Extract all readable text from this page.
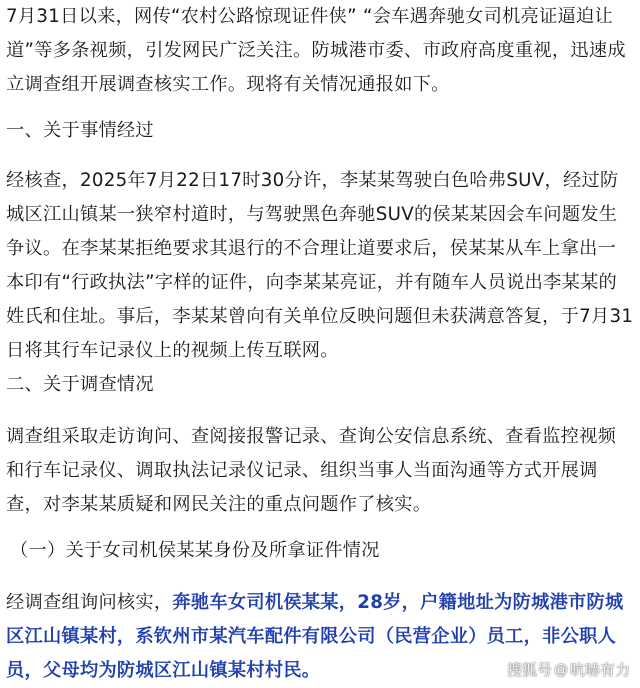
7月31日以来，网传“农村公路惊现证件侠” “会车遇奔驰女司机亮证逼迫让道”等多条视频，引发网民广泛关注。防城港市委、市政府高度重视，迅速成立调查组开展调查核实工作。现将有关情况通报如下。

一、关于事情经过

经核查，2025年7月22日17时30分许，李某某驾驶白色哈弗SUV，经过防城区江山镇某一狭窄村道时，与驾驶黑色奔驰SUV的侯某某因会车问题发生争议。在李某某拒绝要求其退行的不合理让道要求后，侯某某从车上拿出一本印有“行政执法”字样的证件，向李某某亮证，并有随车人员说出李某某的姓氏和住址。事后，李某某曾向有关单位反映问题但未获满意答复，于7月31日将其行车记录仪上的视频上传互联网。

二、关于调查情况

调查组采取走访询问、查阅接报警记录、查询公安信息系统、查看监控视频和行车记录仪、调取执法记录仪记录、组织当事人当面沟通等方式开展调查，对李某某质疑和网民关注的重点问题作了核实。

（一）关于女司机侯某某身份及所拿证件情况

经调查组询问核实，奔驰车女司机侯某某，28岁，户籍地址为防城港市防城区江山镇某村，系钦州市某汽车配件有限公司（民营企业）员工，非公职人员，父母均为防城区江山镇某村村民。	搜狐号 @ 吭哧有力
